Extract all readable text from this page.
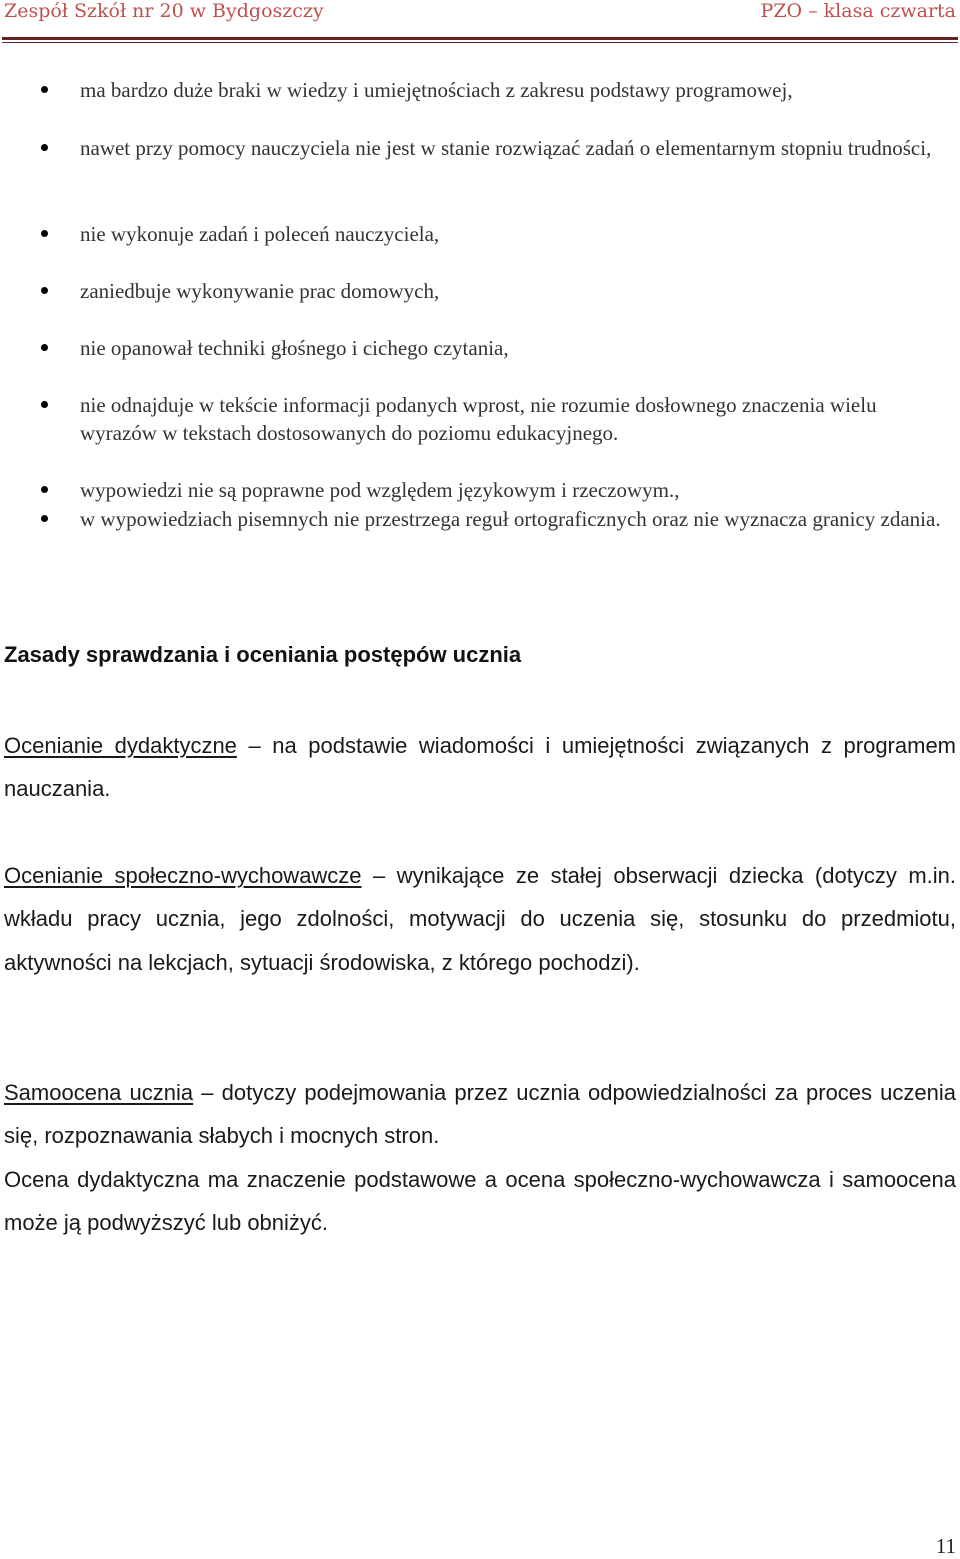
Zespół Szkół nr 20 w Bydgoszczy	PZO – klasa czwarta
ma bardzo duże braki w wiedzy i umiejętnościach z zakresu podstawy programowej,
nawet przy pomocy nauczyciela nie jest w stanie rozwiązać zadań o elementarnym stopniu trudności,
nie wykonuje zadań i poleceń nauczyciela,
zaniedbuje wykonywanie prac domowych,
nie opanował techniki głośnego i cichego czytania,
nie odnajduje w tekście informacji podanych wprost, nie rozumie dosłownego znaczenia wielu wyrazów w tekstach dostosowanych do poziomu edukacyjnego.
wypowiedzi nie są poprawne pod względem językowym i rzeczowym.,
w wypowiedziach pisemnych nie przestrzega reguł ortograficznych oraz nie wyznacza granicy zdania.
Zasady sprawdzania i oceniania postępów ucznia
Ocenianie dydaktyczne – na podstawie wiadomości i umiejętności związanych z programem nauczania.
Ocenianie społeczno-wychowawcze – wynikające ze stałej obserwacji dziecka (dotyczy m.in. wkładu pracy ucznia, jego zdolności, motywacji do uczenia się, stosunku do przedmiotu, aktywności na lekcjach, sytuacji środowiska, z którego pochodzi).
Samoocena ucznia – dotyczy podejmowania przez ucznia odpowiedzialności za proces uczenia się, rozpoznawania słabych i mocnych stron.
Ocena dydaktyczna ma znaczenie podstawowe a ocena społeczno-wychowawcza i samoocena może ją podwyższyć lub obniżyć.
11
